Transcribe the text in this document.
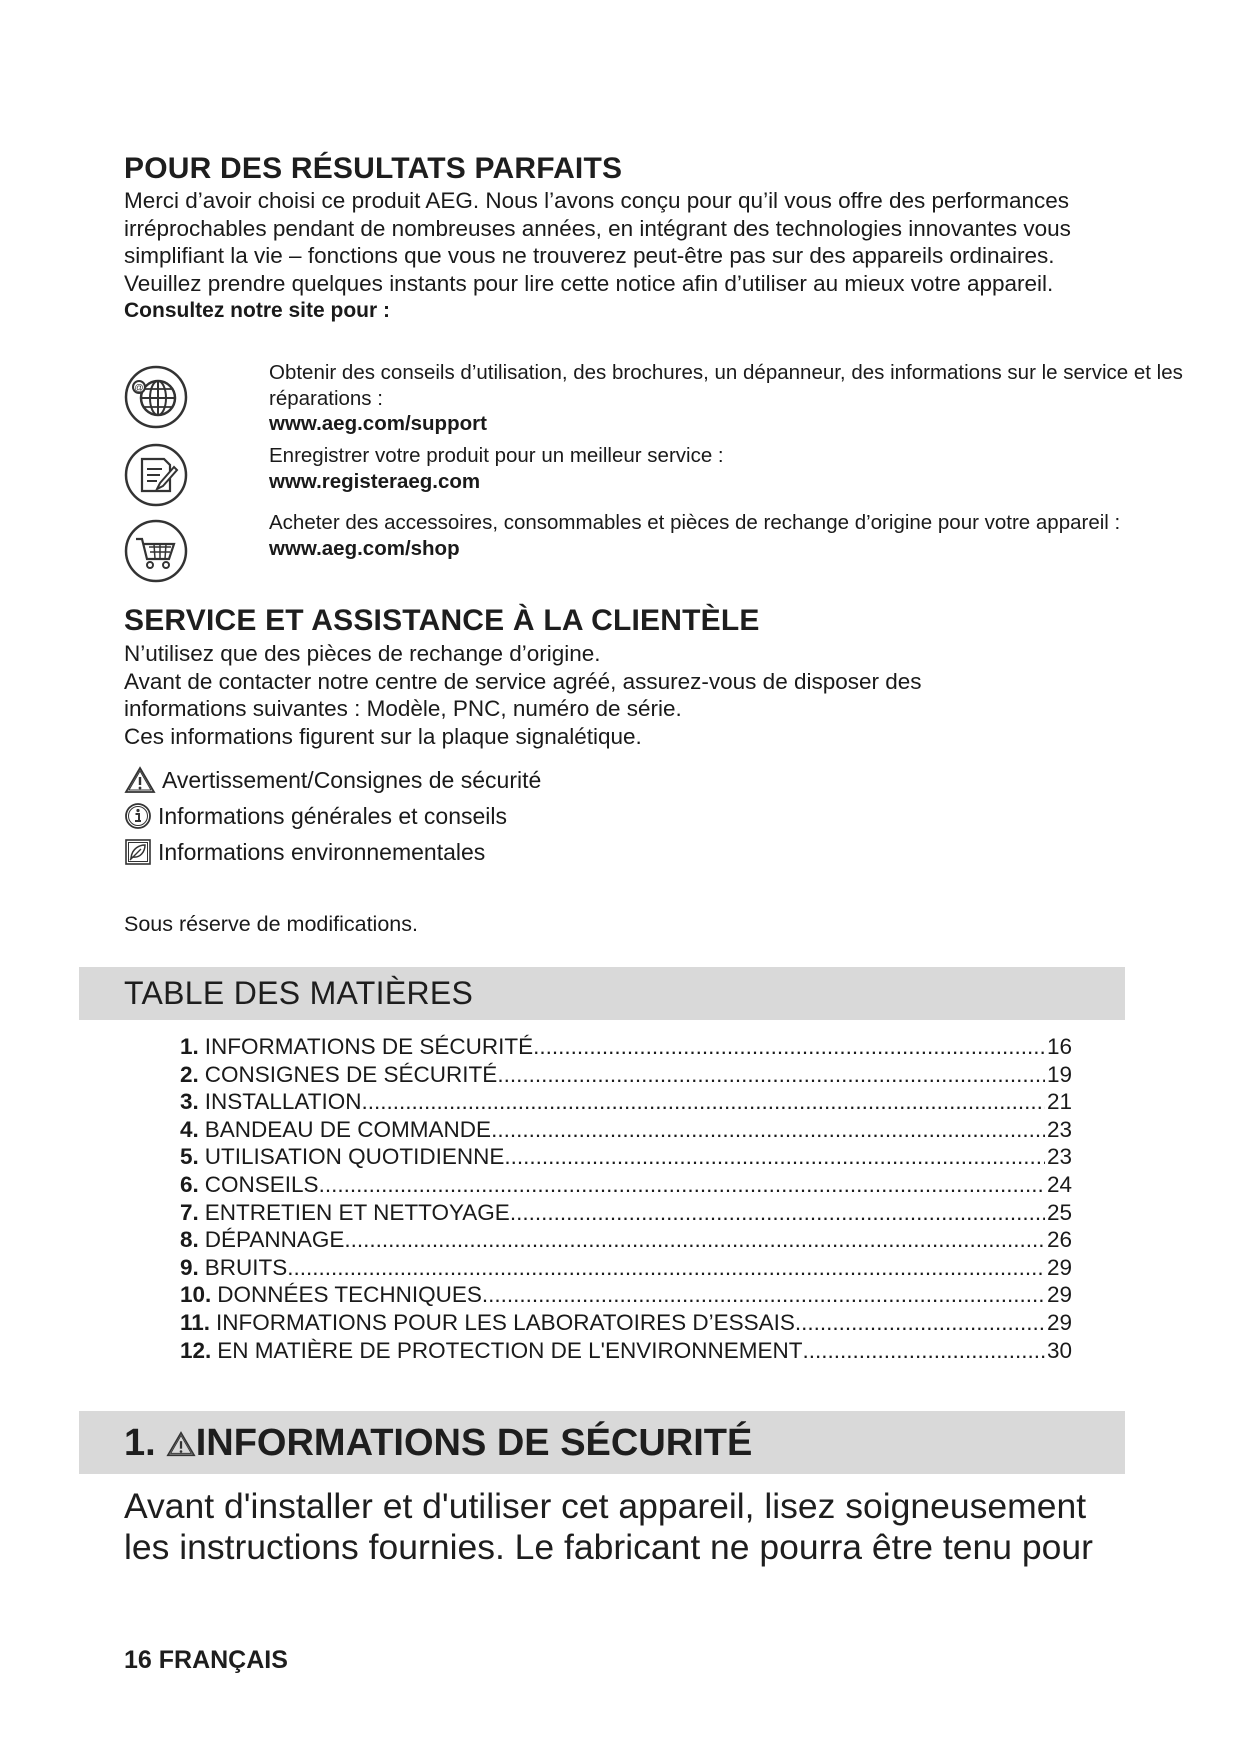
POUR DES RÉSULTATS PARFAITS

Merci d’avoir choisi ce produit AEG. Nous l’avons conçu pour qu’il vous offre des performances irréprochables pendant de nombreuses années, en intégrant des technologies innovantes vous simplifiant la vie – fonctions que vous ne trouverez peut-être pas sur des appareils ordinaires. Veuillez prendre quelques instants pour lire cette notice afin d’utiliser au mieux votre appareil.

Consultez notre site pour :

@
Obtenir des conseils d’utilisation, des brochures, un dépanneur, des informations sur le service et les réparations :
www.aeg.com/support
Enregistrer votre produit pour un meilleur service :
www.registeraeg.com
Acheter des accessoires, consommables et pièces de rechange d’origine pour votre appareil :
www.aeg.com/shop
SERVICE ET ASSISTANCE À LA CLIENTÈLE

N’utilisez que des pièces de rechange d’origine.

Avant de contacter notre centre de service agréé, assurez-vous de disposer des informations suivantes : Modèle, PNC, numéro de série.

Ces informations figurent sur la plaque signalétique.

Avertissement/Consignes de sécurité
Informations générales et conseils
Informations environnementales
Sous réserve de modifications.
TABLE DES MATIÈRES
1. INFORMATIONS DE SÉCURITÉ .....	16
2. CONSIGNES DE SÉCURITÉ .....	19
3. INSTALLATION .....	21
4. BANDEAU DE COMMANDE .....	23
5. UTILISATION QUOTIDIENNE .....	23
6. CONSEILS .....	24
7. ENTRETIEN ET NETTOYAGE .....	25
8. DÉPANNAGE .....	26
9. BRUITS .....	29
10. DONNÉES TECHNIQUES .....	29
11. INFORMATIONS POUR LES LABORATOIRES D’ESSAIS .....	29
12. EN MATIÈRE DE PROTECTION DE L'ENVIRONNEMENT .....	30
1. INFORMATIONS DE SÉCURITÉ
Avant d'installer et d'utiliser cet appareil, lisez soigneusement les instructions fournies. Le fabricant ne pourra être tenu pour
16 FRANÇAIS
